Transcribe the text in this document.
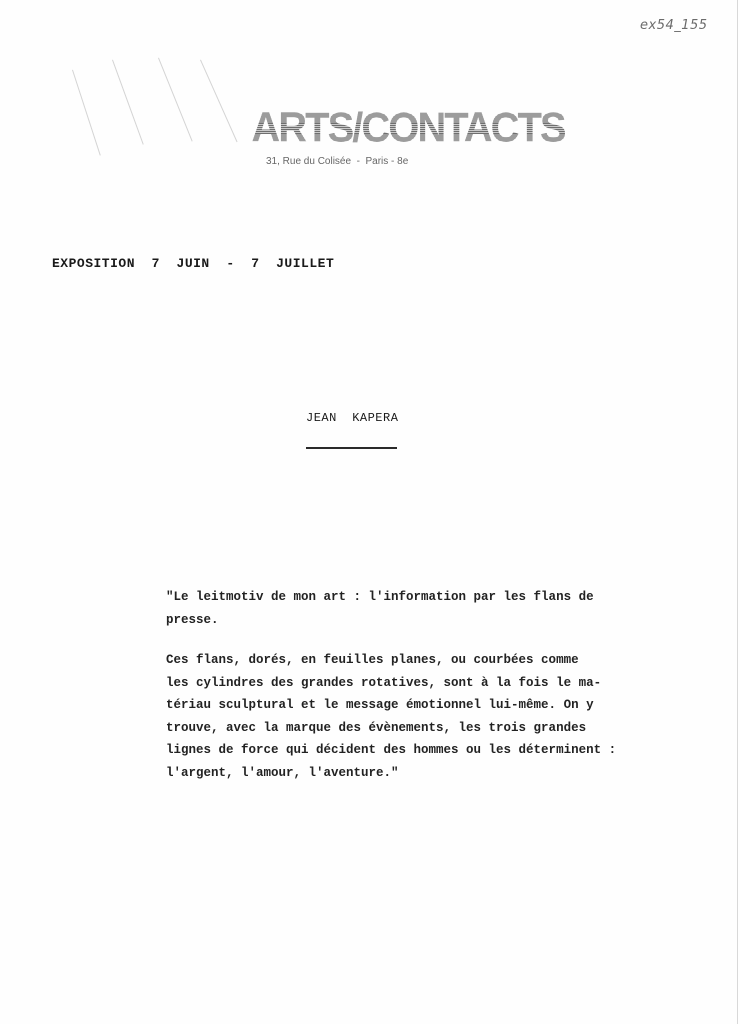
ex54_155
ARTS/CONTACTS
31, Rue du Colisée  -  Paris - 8e
EXPOSITION  7  JUIN  -  7  JUILLET
JEAN  KAPERA

"Le leitmotiv de mon art : l'information par les flans de

presse.

Ces flans, dorés, en feuilles planes, ou courbées comme

les cylindres des grandes rotatives, sont à la fois le ma-

tériau sculptural et le message émotionnel lui-même. On y

trouve, avec la marque des évènements, les trois grandes

lignes de force qui décident des hommes ou les déterminent :

l'argent, l'amour, l'aventure."
